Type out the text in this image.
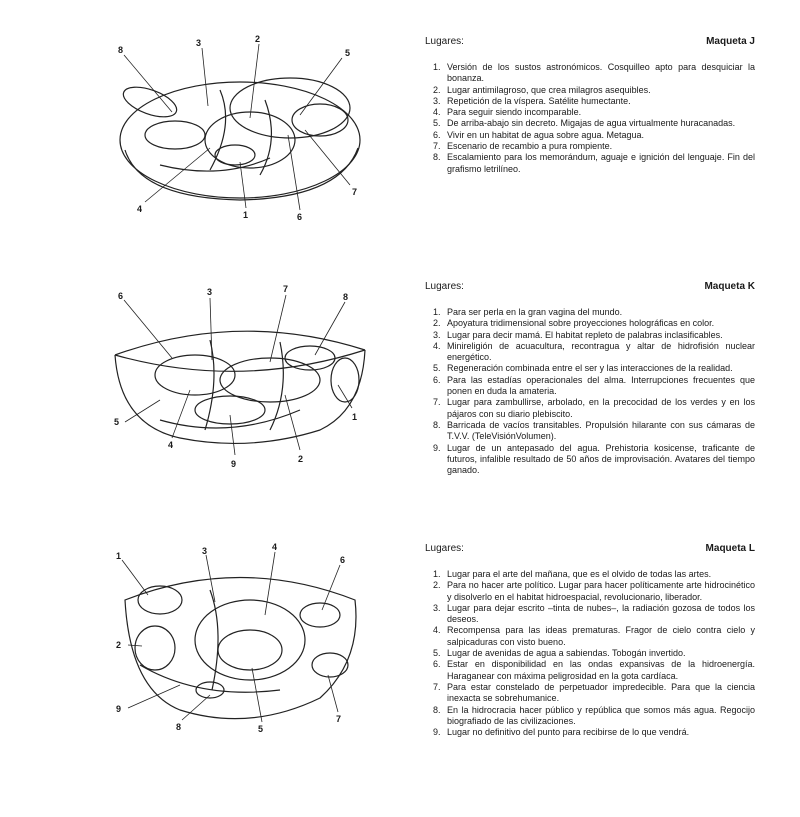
8
3	2
5
4
1	6
7
Lugares:	Maqueta J
1. Versión de los sustos astronómicos. Cosquilleo apto para desquiciar la bonanza.
2. Lugar antimilagroso, que crea milagros asequibles.
3. Repetición de la víspera. Satélite humectante.
4. Para seguir siendo incomparable.
5. De arriba-abajo sin decreto. Migajas de agua virtualmente huracanadas.
6. Vivir en un habitat de agua sobre agua. Metagua.
7. Escenario de recambio a pura rompiente.
8. Escalamiento para los memorándum, aguaje e ignición del lenguaje. Fin del grafismo letrilíneo.
6	3	7
8
5
4
9	2
1
Lugares:	Maqueta K
1. Para ser perla en la gran vagina del mundo.
2. Apoyatura tridimensional sobre proyecciones holográficas en color.
3. Lugar para decir mamá. El habitat repleto de palabras inclasificables.
4. Minireligión de acuacultura, recontragua y altar de hidrofisión nuclear energético.
5. Regeneración combinada entre el ser y las interacciones de la realidad.
6. Para las estadías operacionales del alma. Interrupciones frecuentes que ponen en duda la amateria.
7. Lugar para zambullirse, arbolado, en la precocidad de los verdes y en los pájaros con su diario plebiscito.
8. Barricada de vacíos transitables. Propulsión hilarante con sus cámaras de T.V.V. (TeleVisiónVolumen).
9. Lugar de un antepasado del agua. Prehistoria kosicense, traficante de futuros, infalible resultado de 50 años de improvisación. Avatares del tiempo ganado.
1	3	4
6
2
9
8	5
7
Lugares:	Maqueta L
1. Lugar para el arte del mañana, que es el olvido de todas las artes.
2. Para no hacer arte político. Lugar para hacer políticamente arte hidrocinético y disolverlo en el habitat hidroespacial, revolucionario, liberador.
3. Lugar para dejar escrito –tinta de nubes–, la radiación gozosa de todos los deseos.
4. Recompensa para las ideas prematuras. Fragor de cielo contra cielo y salpicaduras con visto bueno.
5. Lugar de avenidas de agua a sabiendas. Tobogán invertido.
6. Estar en disponibilidad en las ondas expansivas de la hidroenergía. Haraganear con máxima peligrosidad en la gota cardíaca.
7. Para estar constelado de perpetuador impredecible. Para que la ciencia inexacta se sobrehumanice.
8. En la hidrocracia hacer público y república que somos más agua. Regocijo biografiado de las civilizaciones.
9. Lugar no definitivo del punto para recibirse de lo que vendrá.
